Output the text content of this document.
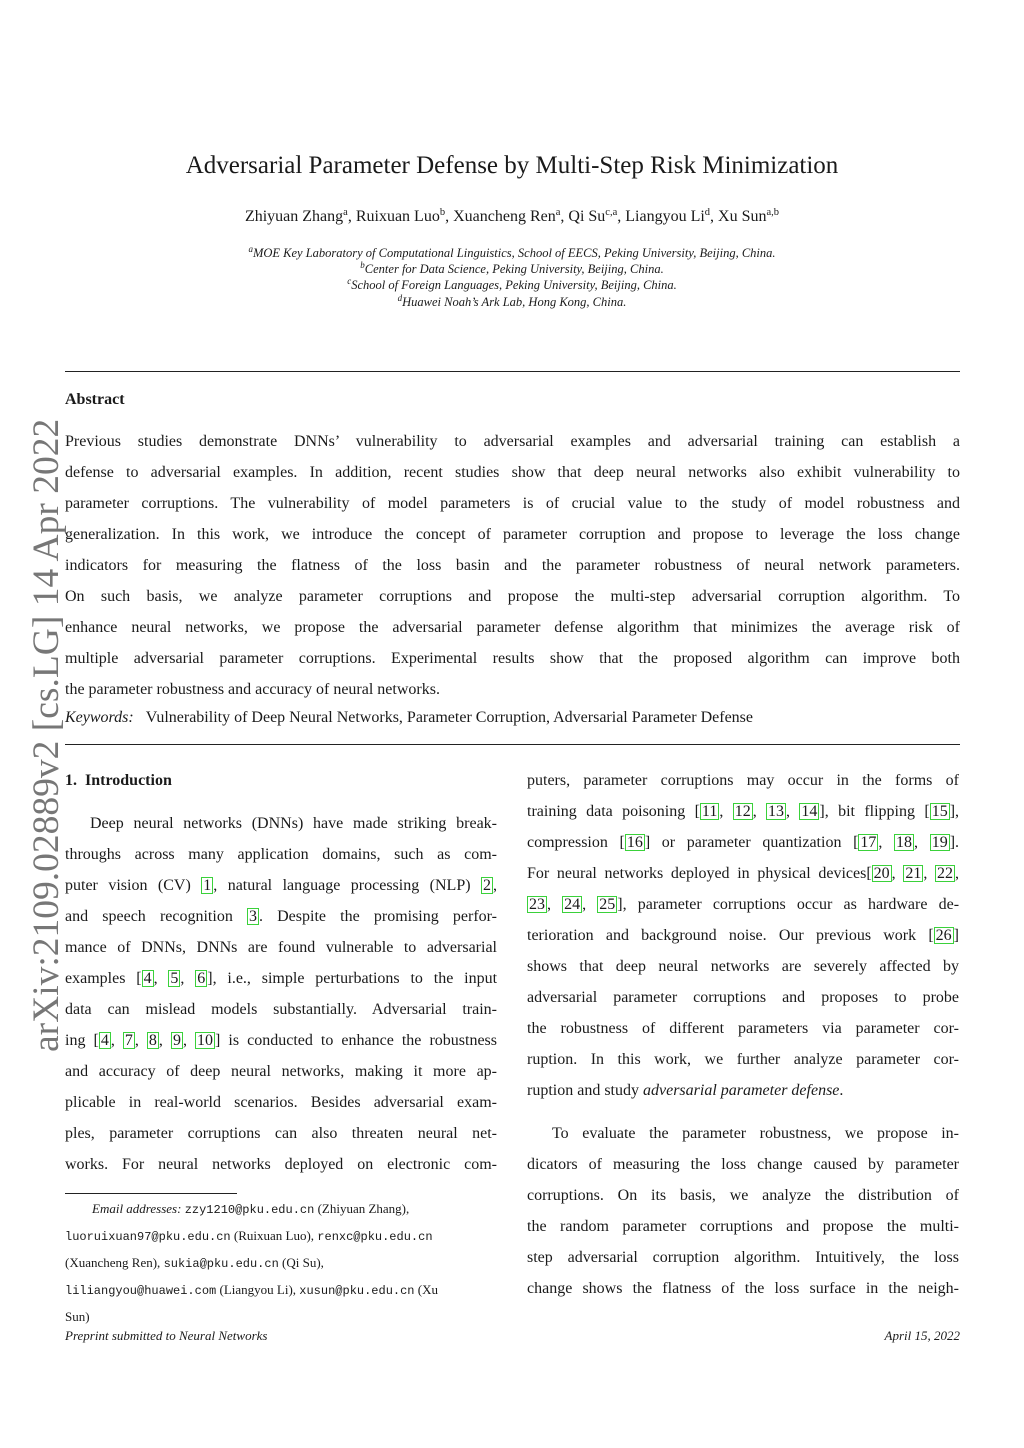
Adversarial Parameter Defense by Multi-Step Risk Minimization
Zhiyuan Zhang$^a$, Ruixuan Luo$^b$, Xuancheng Ren$^a$, Qi Su$^{c,a}$, Liangyou Li$^d$, Xu Sun$^{a,b}$
$^a$MOE Key Laboratory of Computational Linguistics, School of EECS, Peking University, Beijing, China.
$^b$Center for Data Science, Peking University, Beijing, China.
$^c$School of Foreign Languages, Peking University, Beijing, China.
$^d$Huawei Noah’s Ark Lab, Hong Kong, China.
Abstract
Previous studies demonstrate DNNs’ vulnerability to adversarial examples and adversarial training can establish a
defense to adversarial examples. In addition, recent studies show that deep neural networks also exhibit vulnerability to
parameter corruptions. The vulnerability of model parameters is of crucial value to the study of model robustness and
generalization. In this work, we introduce the concept of parameter corruption and propose to leverage the loss change
indicators for measuring the flatness of the loss basin and the parameter robustness of neural network parameters.
On such basis, we analyze parameter corruptions and propose the multi-step adversarial corruption algorithm. To
enhance neural networks, we propose the adversarial parameter defense algorithm that minimizes the average risk of
multiple adversarial parameter corruptions. Experimental results show that the proposed algorithm can improve both
the parameter robustness and accuracy of neural networks.
Keywords: Vulnerability of Deep Neural Networks, Parameter Corruption, Adversarial Parameter Defense
1. Introduction
Deep neural networks (DNNs) have made striking break-
throughs across many application domains, such as com-
puter vision (CV) 1 , natural language processing (NLP) 2 ,
and speech recognition 3 . Despite the promising perfor-
mance of DNNs, DNNs are found vulnerable to adversarial
examples [ 4 , 5 , 6 ], i.e., simple perturbations to the input
data can mislead models substantially. Adversarial train-
ing [ 4 , 7 , 8 , 9 , 10 ] is conducted to enhance the robustness
and accuracy of deep neural networks, making it more ap-
plicable in real-world scenarios. Besides adversarial exam-
ples, parameter corruptions can also threaten neural net-
works. For neural networks deployed on electronic com-
puters, parameter corruptions may occur in the forms of
training data poisoning [ 11 , 12 , 13 , 14 ], bit flipping [ 15 ],
compression [ 16 ] or parameter quantization [ 17 , 18 , 19 ].
For neural networks deployed in physical devices[ 20 , 21 , 22 ,
23 , 24 , 25 ], parameter corruptions occur as hardware de-
terioration and background noise. Our previous work [ 26 ]
shows that deep neural networks are severely affected by
adversarial parameter corruptions and proposes to probe
the robustness of different parameters via parameter cor-
ruption. In this work, we further analyze parameter cor-
ruption and study adversarial parameter defense.
To evaluate the parameter robustness, we propose in-
dicators of measuring the loss change caused by parameter
corruptions. On its basis, we analyze the distribution of
the random parameter corruptions and propose the multi-
step adversarial corruption algorithm. Intuitively, the loss
change shows the flatness of the loss surface in the neigh-
Email addresses: zzy1210@pku.edu.cn (Zhiyuan Zhang),
luoruixuan97@pku.edu.cn (Ruixuan Luo), renxc@pku.edu.cn
(Xuancheng Ren), sukia@pku.edu.cn (Qi Su),
liliangyou@huawei.com (Liangyou Li), xusun@pku.edu.cn (Xu
Sun)
Preprint submitted to Neural Networks	April 15, 2022
arXiv:2109.02889v2 [cs.LG] 14 Apr 2022
